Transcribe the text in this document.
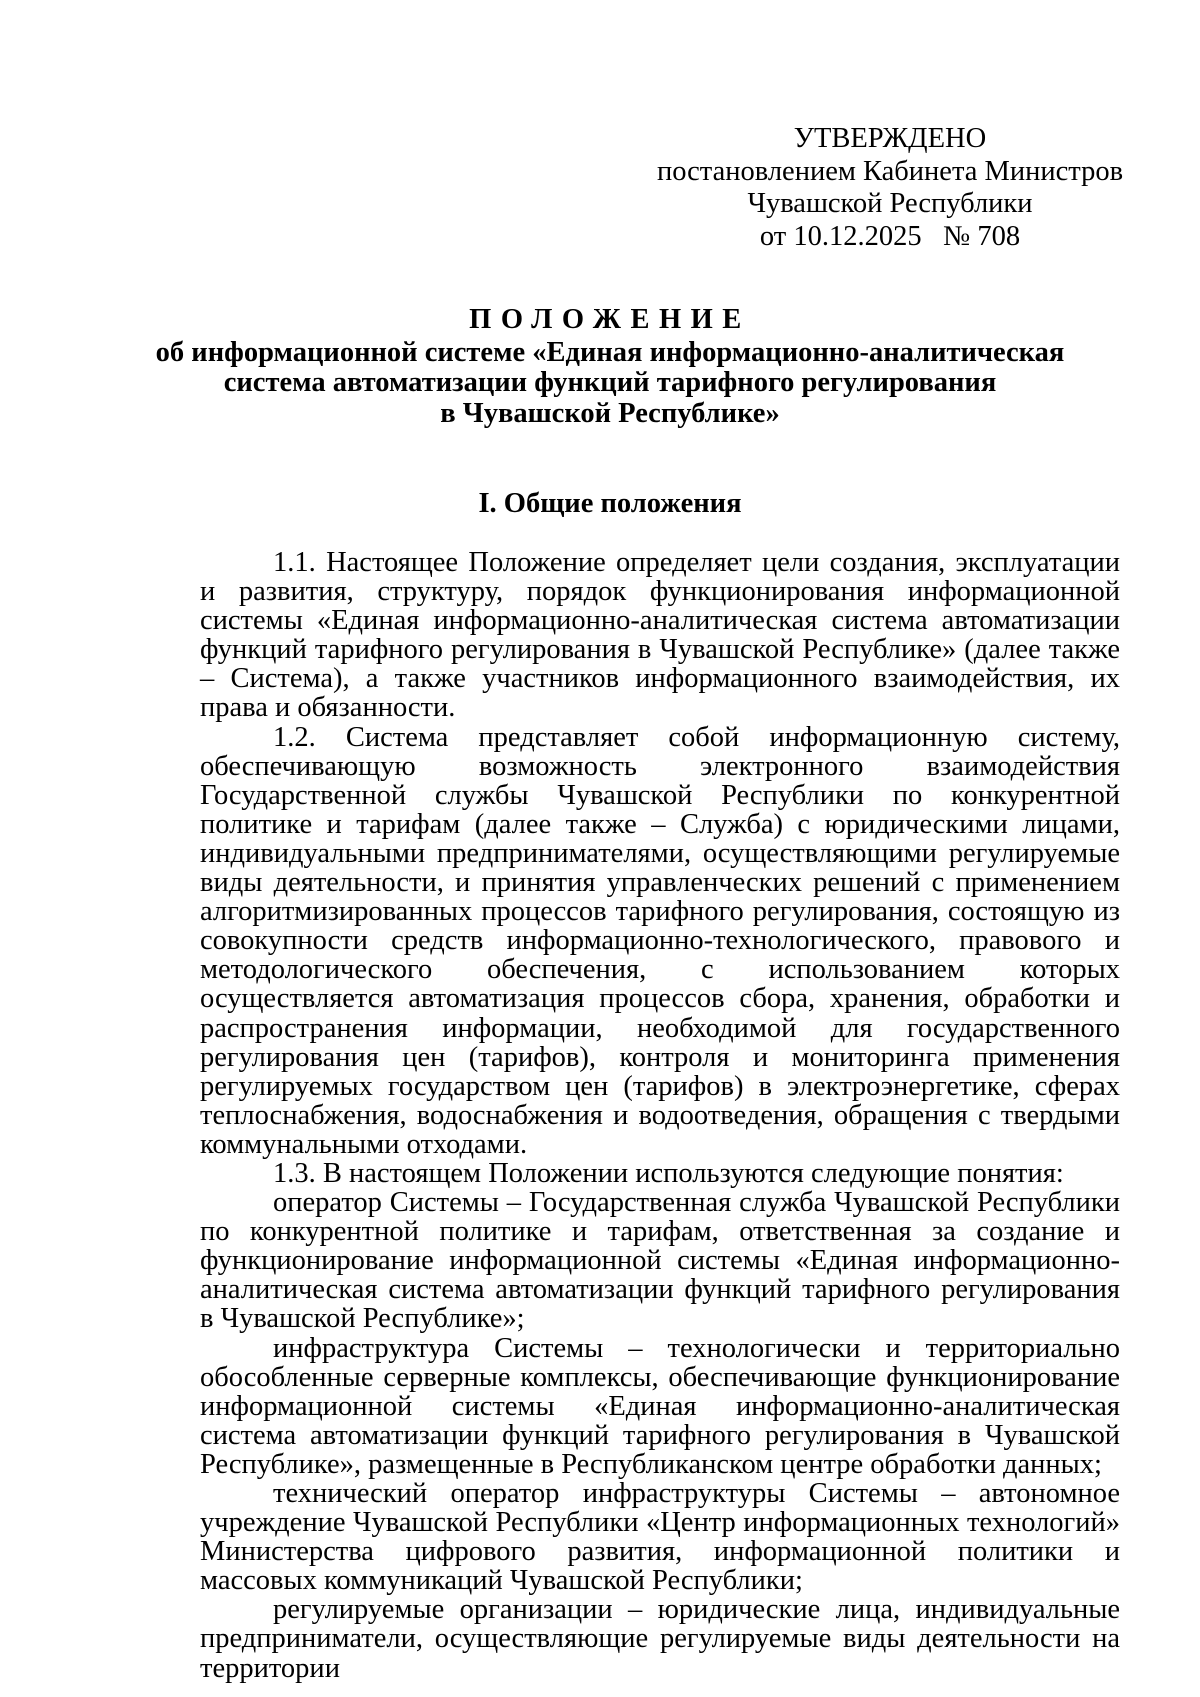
УТВЕРЖДЕНО
постановлением Кабинета Министров
Чувашской Республики
от 10.12.2025   № 708
ПОЛОЖЕНИЕ
об информационной системе «Единая информационно-аналитическая
система автоматизации функций тарифного регулирования
в Чувашской Республике»
I. Общие положения

1.1. Настоящее Положение определяет цели создания, эксплуатации и развития, структуру, порядок функционирования информационной системы «Единая информационно-аналитическая система автоматизации функций тарифного регулирования в Чувашской Республике» (далее также – Система), а также участников информационного взаимодействия, их права и обязанности.

1.2. Система представляет собой информационную систему, обеспечивающую возможность электронного взаимодействия Государственной службы Чувашской Республики по конкурентной политике и тарифам (далее также – Служба) с юридическими лицами, индивидуальными предпринимателями, осуществляющими регулируемые виды деятельности, и принятия управленческих решений с применением алгоритмизированных процессов тарифного регулирования, состоящую из совокупности средств информационно-технологического, правового и методологического обеспечения, с использованием которых осуществляется автоматизация процессов сбора, хранения, обработки и распространения информации, необходимой для государственного регулирования цен (тарифов), контроля и мониторинга применения регулируемых государством цен (тарифов) в электроэнергетике, сферах теплоснабжения, водоснабжения и водоотведения, обращения с твердыми коммунальными отходами.

1.3. В настоящем Положении используются следующие понятия:

оператор Системы – Государственная служба Чувашской Республики по конкурентной политике и тарифам, ответственная за создание и функционирование информационной системы «Единая информационно-аналитическая система автоматизации функций тарифного регулирования в Чувашской Республике»;

инфраструктура Системы – технологически и территориально обособленные серверные комплексы, обеспечивающие функционирование информационной системы «Единая информационно-аналитическая система автоматизации функций тарифного регулирования в Чувашской Республике», размещенные в Республиканском центре обработки данных;

технический оператор инфраструктуры Системы – автономное учреждение Чувашской Республики «Центр информационных технологий» Министерства цифрового развития, информационной политики и массовых коммуникаций Чувашской Республики;

регулируемые организации – юридические лица, индивидуальные предприниматели, осуществляющие регулируемые виды деятельности на территории
